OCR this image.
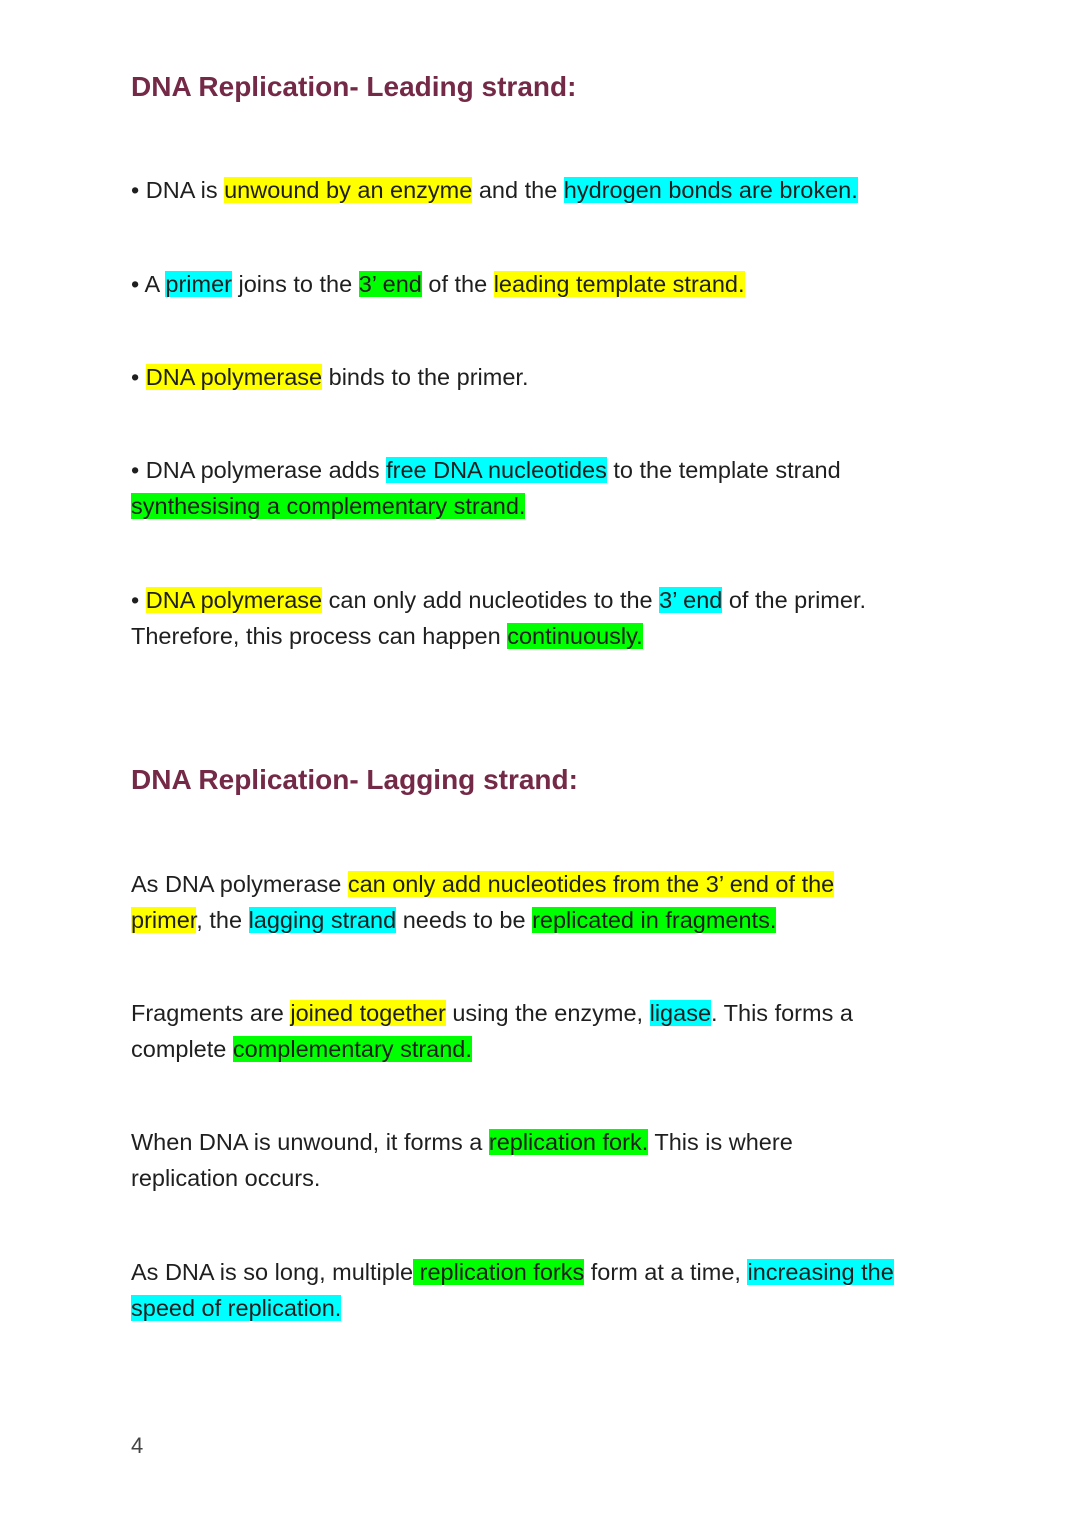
DNA Replication- Leading strand:

• DNA is unwound by an enzyme and the hydrogen bonds are broken.

• A primer joins to the 3’ end of the leading template strand.

• DNA polymerase binds to the primer.

• DNA polymerase adds free DNA nucleotides to the template strand
synthesising a complementary strand.

• DNA polymerase can only add nucleotides to the 3’ end of the primer.
Therefore, this process can happen continuously.

DNA Replication- Lagging strand:

As DNA polymerase can only add nucleotides from the 3’ end of the
primer, the lagging strand needs to be replicated in fragments.

Fragments are joined together using the enzyme, ligase. This forms a
complete complementary strand.

When DNA is unwound, it forms a replication fork. This is where
replication occurs.

As DNA is so long, multiple replication forks form at a time, increasing the
speed of replication.

4
